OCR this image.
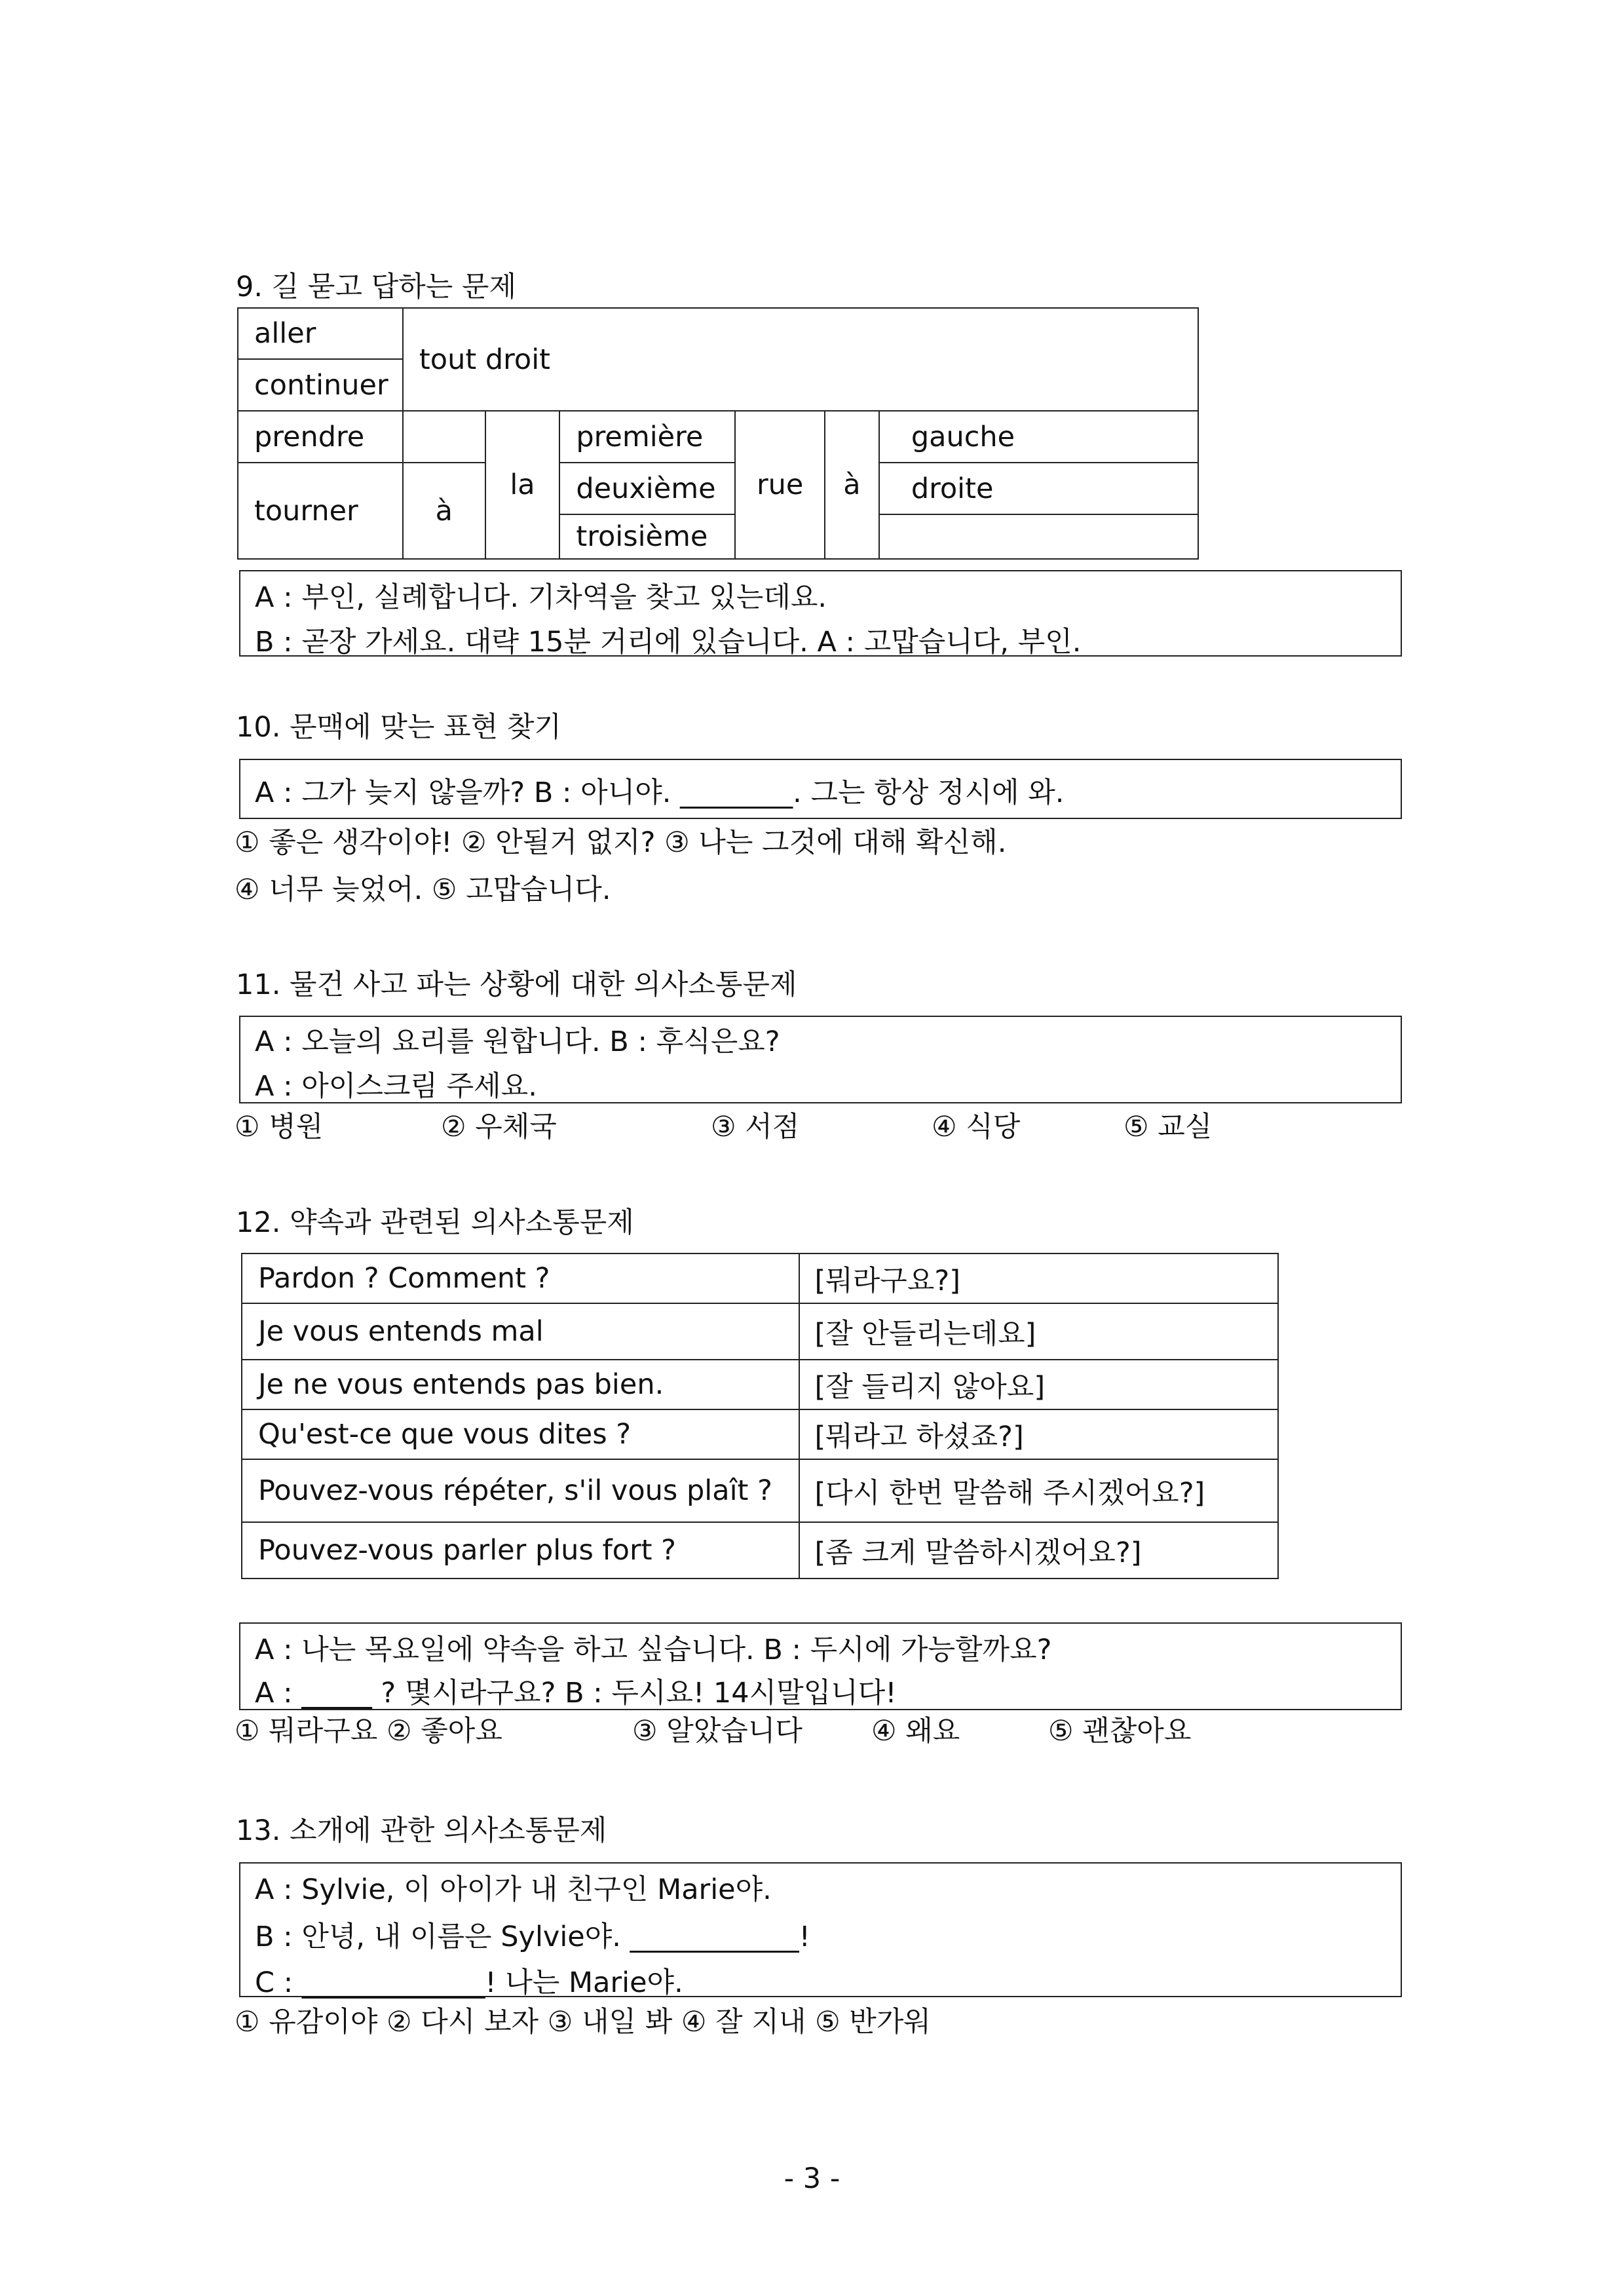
9. 길 묻고 답하는 문제
aller	tout droit					
continuer						
prendre		la	première	rue	à	gauche
tourner	à		deuxième			droite
			troisième			
A : 부인, 실례합니다. 기차역을 찾고 있는데요.
B : 곧장 가세요. 대략 15분 거리에 있습니다. A : 고맙습니다, 부인.
10. 문맥에 맞는 표현 찾기
A : 그가 늦지 않을까? B : 아니야. ________. 그는 항상 정시에 와.
① 좋은 생각이야! ② 안될거 없지? ③ 나는 그것에 대해 확신해.
④ 너무 늦었어. ⑤ 고맙습니다.
11. 물건 사고 파는 상황에 대한 의사소통문제
A : 오늘의 요리를 원합니다. B : 후식은요?
A : 아이스크림 주세요.
① 병원	② 우체국	③ 서점	④ 식당	⑤ 교실
12. 약속과 관련된 의사소통문제
Pardon ? Comment ?	[뭐라구요?]
Je vous entends mal	[잘 안들리는데요]
Je ne vous entends pas bien.	[잘 들리지 않아요]
Qu'est-ce que vous dites ?	[뭐라고 하셨죠?]
Pouvez-vous répéter, s'il vous plaît ?	[다시 한번 말씀해 주시겠어요?]
Pouvez-vous parler plus fort ?	[좀 크게 말씀하시겠어요?]
A : 나는 목요일에 약속을 하고 싶습니다. B : 두시에 가능할까요?
A : _____ ? 몇시라구요? B : 두시요! 14시말입니다!
① 뭐라구요 ② 좋아요	③ 알았습니다 ④ 왜요	⑤ 괜찮아요
13. 소개에 관한 의사소통문제
A : Sylvie, 이 아이가 내 친구인 Marie야.
B : 안녕, 내 이름은 Sylvie야. ____________!
C : _____________! 나는 Marie야.
① 유감이야 ② 다시 보자 ③ 내일 봐 ④ 잘 지내 ⑤ 반가워
- 3 -
